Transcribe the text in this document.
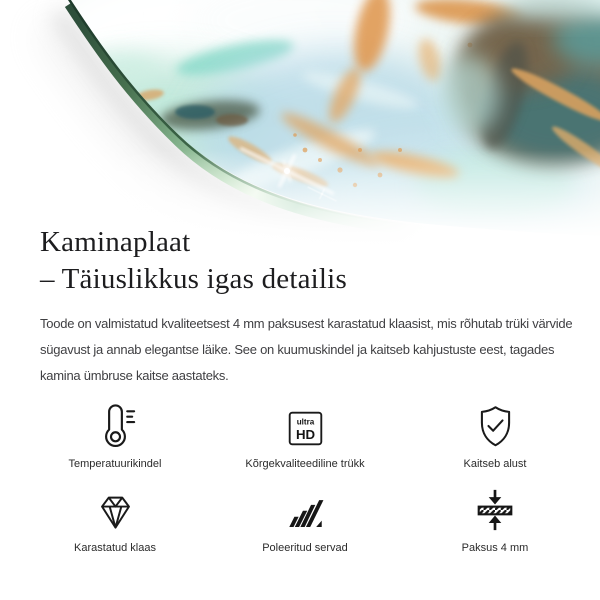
Kaminaplaat
– Täiuslikkus igas detailis
Toode on valmistatud kvaliteetsest 4 mm paksusest karastatud klaasist, mis rõhutab trüki värvide
sügavust ja annab elegantse läike. See on kuumuskindel ja kaitseb kahjustuste eest, tagades
kamina ümbruse kaitse aastateks.
Temperatuurikindel
ultra
HD
Kõrgekvaliteediline trükk	Kaitseb alust
Karastatud klaas	Poleeritud servad	Paksus 4 mm
